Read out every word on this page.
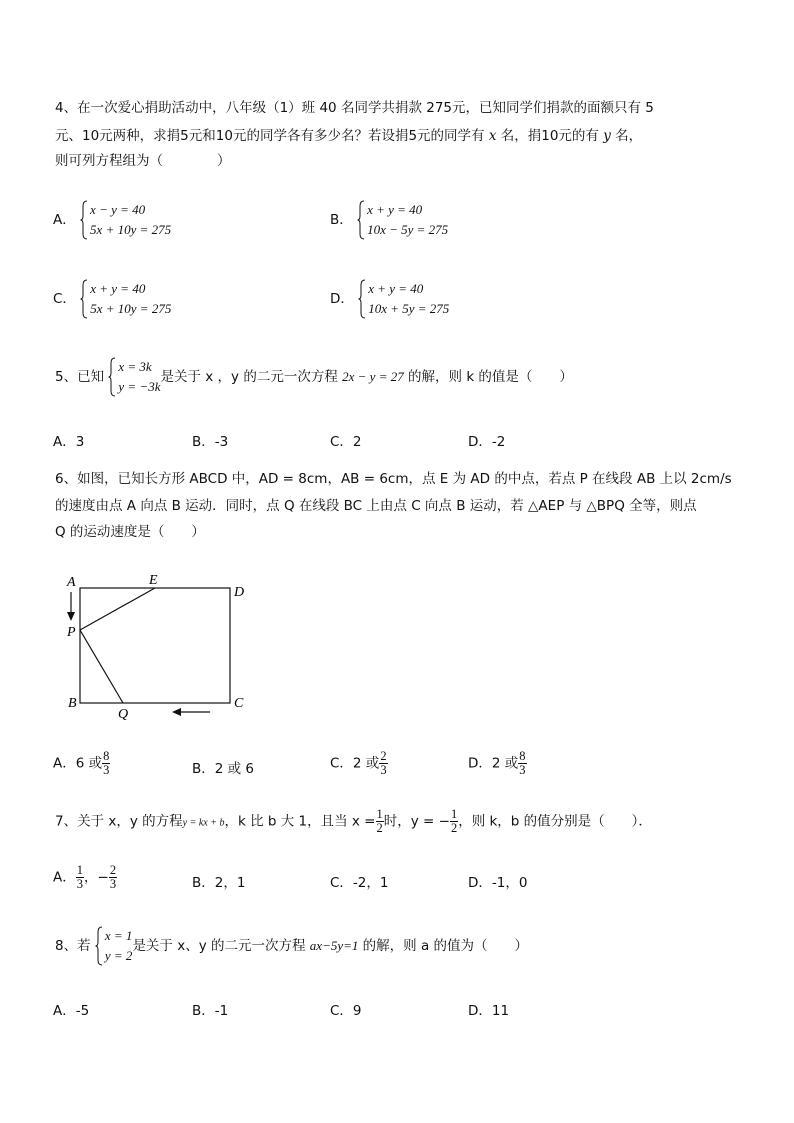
4、在一次爱心捐助活动中，八年级（1）班 40 名同学共捐款 275元，已知同学们捐款的面额只有 5
元、10元两种，求捐5元和10元的同学各有多少名？若设捐5元的同学有 x 名，捐10元的有 y 名，
则可列方程组为（　　　　）
A．
x − y = 40
5x + 10y = 275
B．
x + y = 40
10x − 5y = 275
C．
x + y = 40
5x + 10y = 275
D．
x + y = 40
10x + 5y = 275
5、已知
x = 3k
y = −3k
是关于 x ，y 的二元一次方程 2x − y = 27 的解，则 k 的值是（　　）
A．3	B．-3	C．2	D．-2
6、如图，已知长方形 ABCD 中，AD = 8cm，AB = 6cm，点 E 为 AD 的中点，若点 P 在线段 AB 上以 2cm/s
的速度由点 A 向点 B 运动．同时，点 Q 在线段 BC 上由点 C 向点 B 运动，若 △AEP 与 △BPQ 全等，则点
Q 的运动速度是（　　）
A	E
D
P
B
Q
C
A．6 或 $\frac{8}{3}$	B．2 或 6	C．2 或 $\frac{2}{3}$	D．2 或 $\frac{8}{3}$
7、关于 x，y 的方程y = kx + b，k 比 b 大 1，且当 $x = \frac{1}{2}$ 时，y = − $\frac{1}{2}$ ，则 k，b 的值分别是（　　）．
A． $\frac{1}{3}$ ，− $\frac{2}{3}$	B．2，1	C．-2，1	D．-1，0
8、若
x = 1
y = 2
是关于 x、y 的二元一次方程 ax−5y=1 的解，则 a 的值为（　　）
A．-5	B．-1	C．9	D．11
